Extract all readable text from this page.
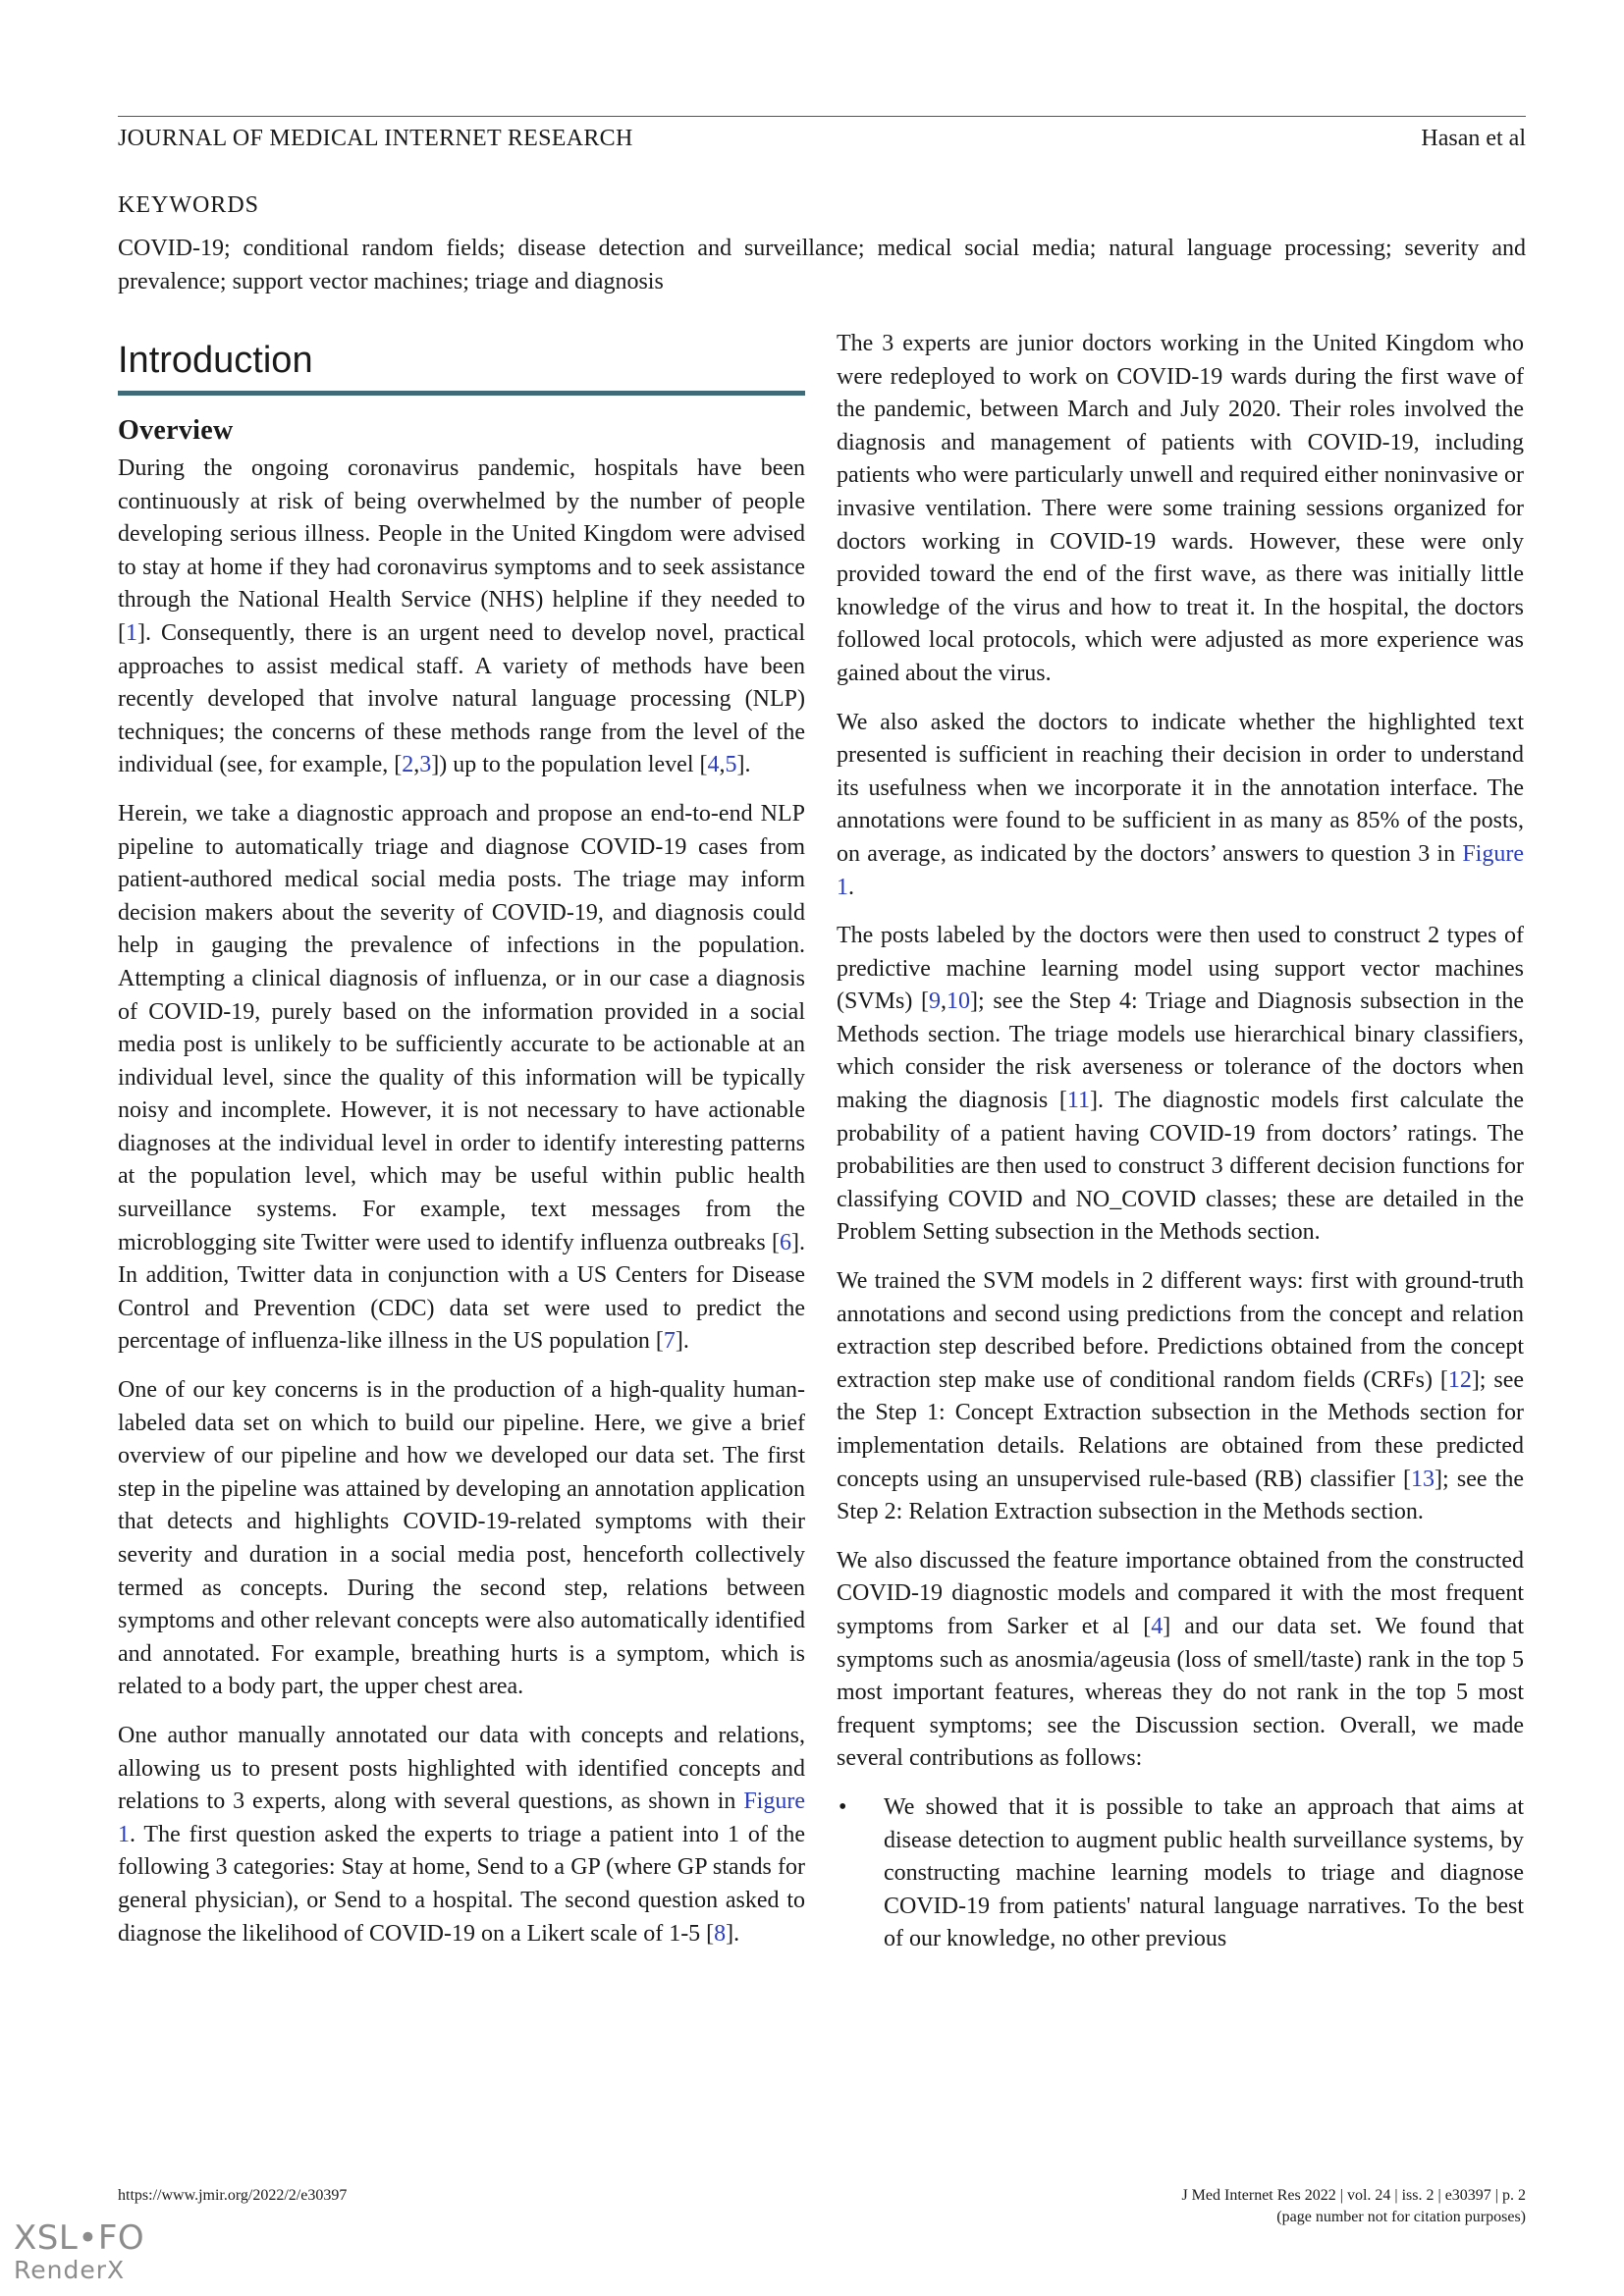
JOURNAL OF MEDICAL INTERNET RESEARCH	Hasan et al
KEYWORDS
COVID-19; conditional random fields; disease detection and surveillance; medical social media; natural language processing; severity and prevalence; support vector machines; triage and diagnosis
Introduction
Overview

During the ongoing coronavirus pandemic, hospitals have been continuously at risk of being overwhelmed by the number of people developing serious illness. People in the United Kingdom were advised to stay at home if they had coronavirus symptoms and to seek assistance through the National Health Service (NHS) helpline if they needed to [1]. Consequently, there is an urgent need to develop novel, practical approaches to assist medical staff. A variety of methods have been recently developed that involve natural language processing (NLP) techniques; the concerns of these methods range from the level of the individual (see, for example, [2,3]) up to the population level [4,5].

Herein, we take a diagnostic approach and propose an end-to-end NLP pipeline to automatically triage and diagnose COVID-19 cases from patient-authored medical social media posts. The triage may inform decision makers about the severity of COVID-19, and diagnosis could help in gauging the prevalence of infections in the population. Attempting a clinical diagnosis of influenza, or in our case a diagnosis of COVID-19, purely based on the information provided in a social media post is unlikely to be sufficiently accurate to be actionable at an individual level, since the quality of this information will be typically noisy and incomplete. However, it is not necessary to have actionable diagnoses at the individual level in order to identify interesting patterns at the population level, which may be useful within public health surveillance systems. For example, text messages from the microblogging site Twitter were used to identify influenza outbreaks [6]. In addition, Twitter data in conjunction with a US Centers for Disease Control and Prevention (CDC) data set were used to predict the percentage of influenza-like illness in the US population [7].

One of our key concerns is in the production of a high-quality human-labeled data set on which to build our pipeline. Here, we give a brief overview of our pipeline and how we developed our data set. The first step in the pipeline was attained by developing an annotation application that detects and highlights COVID-19-related symptoms with their severity and duration in a social media post, henceforth collectively termed as concepts. During the second step, relations between symptoms and other relevant concepts were also automatically identified and annotated. For example, breathing hurts is a symptom, which is related to a body part, the upper chest area.

One author manually annotated our data with concepts and relations, allowing us to present posts highlighted with identified concepts and relations to 3 experts, along with several questions, as shown in Figure 1. The first question asked the experts to triage a patient into 1 of the following 3 categories: Stay at home, Send to a GP (where GP stands for general physician), or Send to a hospital. The second question asked to diagnose the likelihood of COVID-19 on a Likert scale of 1-5 [8].

The 3 experts are junior doctors working in the United Kingdom who were redeployed to work on COVID-19 wards during the first wave of the pandemic, between March and July 2020. Their roles involved the diagnosis and management of patients with COVID-19, including patients who were particularly unwell and required either noninvasive or invasive ventilation. There were some training sessions organized for doctors working in COVID-19 wards. However, these were only provided toward the end of the first wave, as there was initially little knowledge of the virus and how to treat it. In the hospital, the doctors followed local protocols, which were adjusted as more experience was gained about the virus.

We also asked the doctors to indicate whether the highlighted text presented is sufficient in reaching their decision in order to understand its usefulness when we incorporate it in the annotation interface. The annotations were found to be sufficient in as many as 85% of the posts, on average, as indicated by the doctors’ answers to question 3 in Figure 1.

The posts labeled by the doctors were then used to construct 2 types of predictive machine learning model using support vector machines (SVMs) [9,10]; see the Step 4: Triage and Diagnosis subsection in the Methods section. The triage models use hierarchical binary classifiers, which consider the risk averseness or tolerance of the doctors when making the diagnosis [11]. The diagnostic models first calculate the probability of a patient having COVID-19 from doctors’ ratings. The probabilities are then used to construct 3 different decision functions for classifying COVID and NO_COVID classes; these are detailed in the Problem Setting subsection in the Methods section.

We trained the SVM models in 2 different ways: first with ground-truth annotations and second using predictions from the concept and relation extraction step described before. Predictions obtained from the concept extraction step make use of conditional random fields (CRFs) [12]; see the Step 1: Concept Extraction subsection in the Methods section for implementation details. Relations are obtained from these predicted concepts using an unsupervised rule-based (RB) classifier [13]; see the Step 2: Relation Extraction subsection in the Methods section.

We also discussed the feature importance obtained from the constructed COVID-19 diagnostic models and compared it with the most frequent symptoms from Sarker et al [4] and our data set. We found that symptoms such as anosmia/ageusia (loss of smell/taste) rank in the top 5 most important features, whereas they do not rank in the top 5 most frequent symptoms; see the Discussion section. Overall, we made several contributions as follows:

• We showed that it is possible to take an approach that aims at disease detection to augment public health surveillance systems, by constructing machine learning models to triage and diagnose COVID-19 from patients' natural language narratives. To the best of our knowledge, no other previous
https://www.jmir.org/2022/2/e30397	J Med Internet Res 2022 | vol. 24 | iss. 2 | e30397 | p. 2
(page number not for citation purposes)
XSL•FO
RenderX
